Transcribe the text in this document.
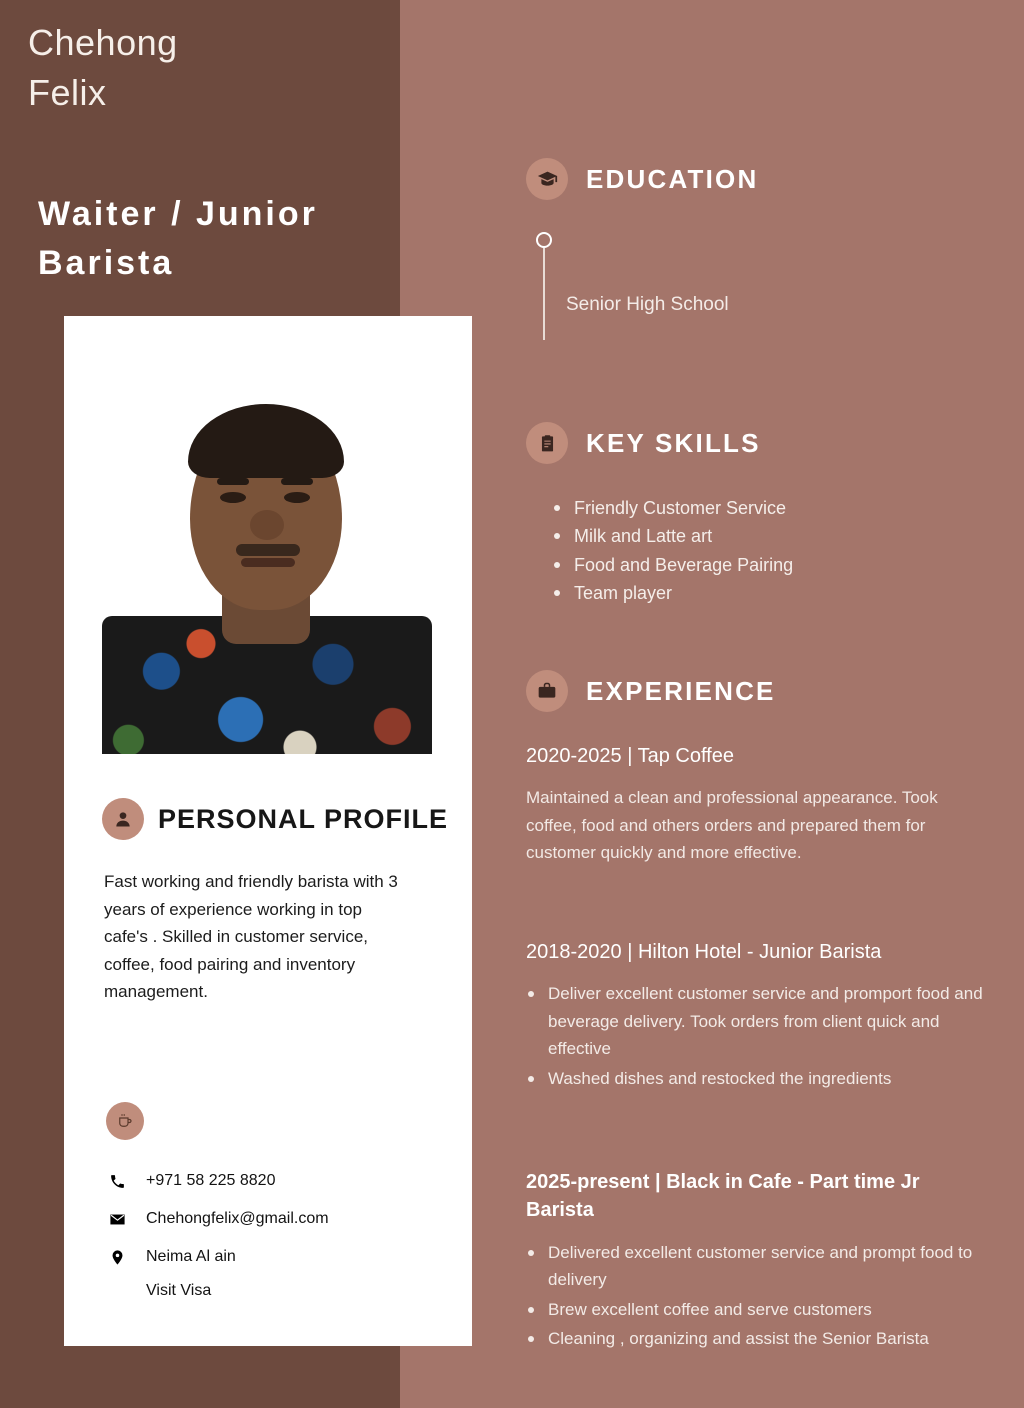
Chehong
Felix
Waiter / Junior Barista
PERSONAL PROFILE
Fast working and friendly barista with 3 years of experience working in top cafe's . Skilled in customer service, coffee, food pairing and inventory management.
+971 58 225 8820
Chehongfelix@gmail.com
Neima Al ain
Visit Visa
EDUCATION
Senior High School
KEY SKILLS
Friendly Customer Service
Milk and Latte art
Food and Beverage Pairing
Team player
EXPERIENCE
2020-2025 | Tap Coffee
Maintained a clean and professional appearance. Took coffee, food and others orders and prepared them for customer quickly and more effective.
2018-2020 | Hilton Hotel - Junior Barista
Deliver excellent customer service and promport food and beverage delivery. Took orders from client quick and effective
Washed dishes and restocked the ingredients
2025-present | Black in Cafe - Part time Jr Barista
Delivered excellent customer service and prompt food to delivery
Brew excellent coffee and serve customers
Cleaning , organizing and assist the Senior Barista
